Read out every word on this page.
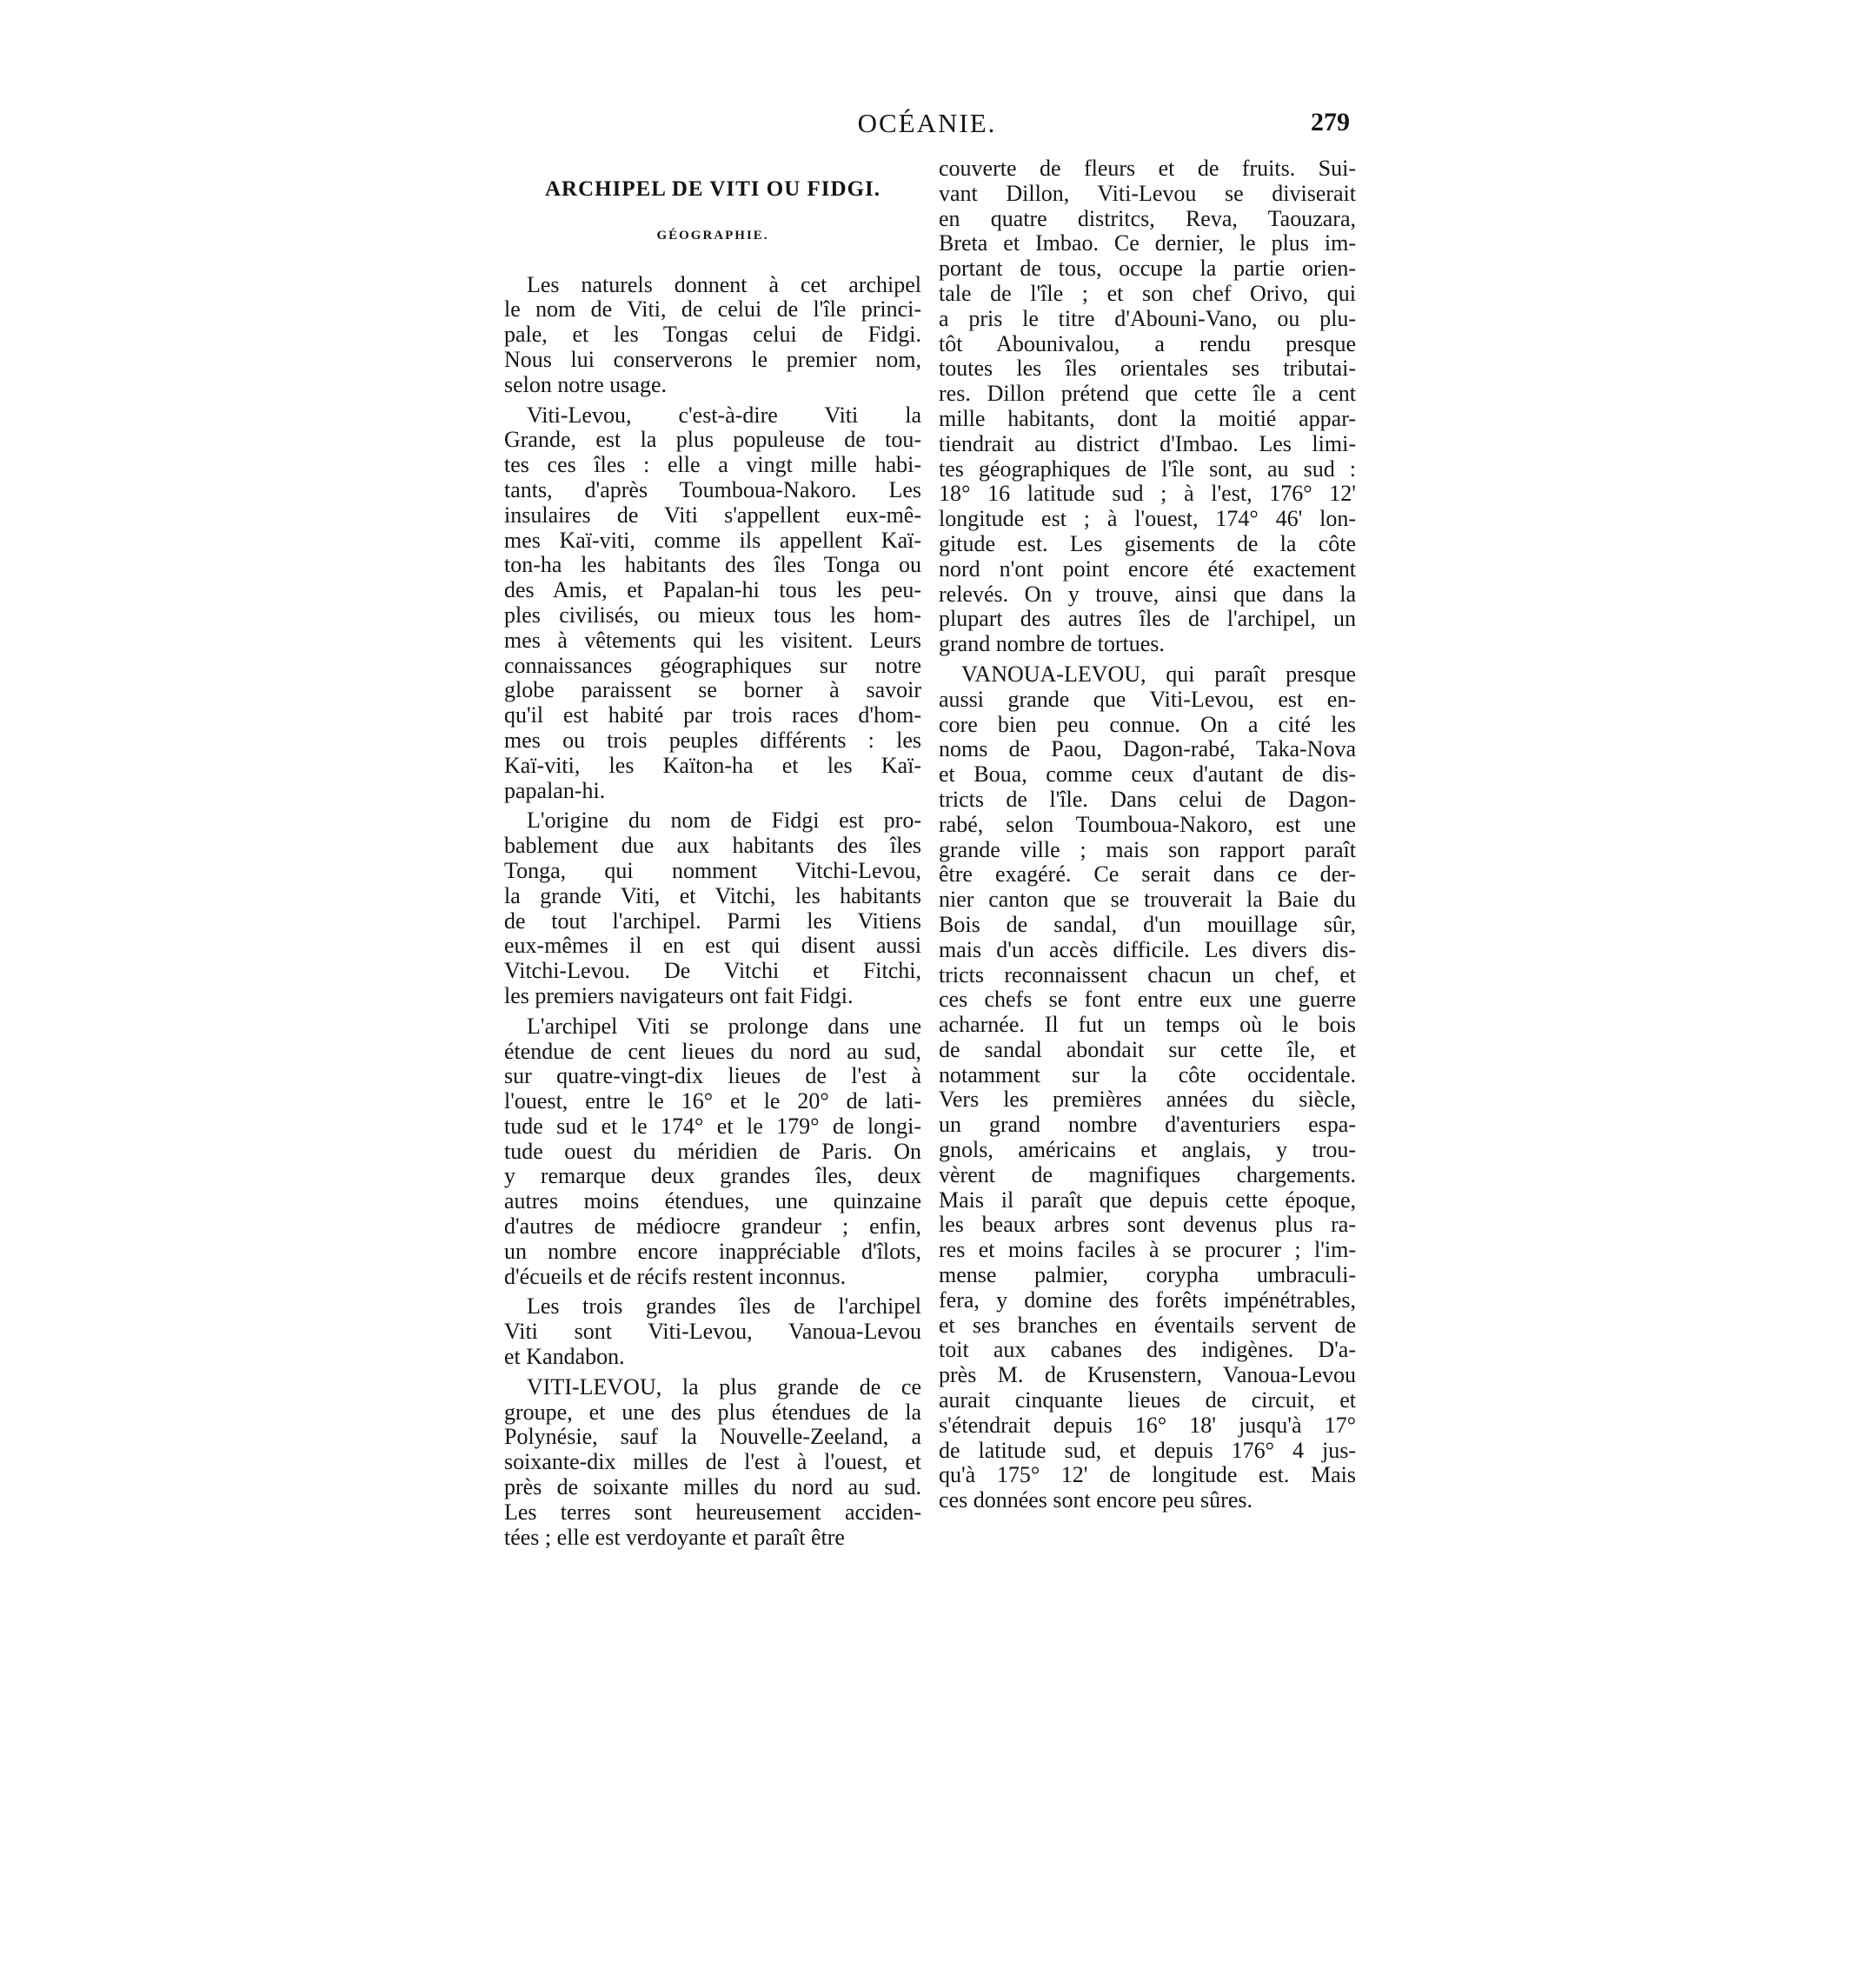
OCÉANIE.	279
ARCHIPEL DE VITI OU FIDGI.
GÉOGRAPHIE.
Les naturels donnent à cet archipel
le nom de Viti, de celui de l'île princi-
pale, et les Tongas celui de Fidgi.
Nous lui conserverons le premier nom,
selon notre usage.
Viti-Levou, c'est-à-dire Viti la
Grande, est la plus populeuse de tou-
tes ces îles : elle a vingt mille habi-
tants, d'après Toumboua-Nakoro. Les
insulaires de Viti s'appellent eux-mê-
mes Kaï-viti, comme ils appellent Kaï-
ton-ha les habitants des îles Tonga ou
des Amis, et Papalan-hi tous les peu-
ples civilisés, ou mieux tous les hom-
mes à vêtements qui les visitent. Leurs
connaissances géographiques sur notre
globe paraissent se borner à savoir
qu'il est habité par trois races d'hom-
mes ou trois peuples différents : les
Kaï-viti, les Kaïton-ha et les Kaï-
papalan-hi.
L'origine du nom de Fidgi est pro-
bablement due aux habitants des îles
Tonga, qui nomment Vitchi-Levou,
la grande Viti, et Vitchi, les habitants
de tout l'archipel. Parmi les Vitiens
eux-mêmes il en est qui disent aussi
Vitchi-Levou. De Vitchi et Fitchi,
les premiers navigateurs ont fait Fidgi.
L'archipel Viti se prolonge dans une
étendue de cent lieues du nord au sud,
sur quatre-vingt-dix lieues de l'est à
l'ouest, entre le 16° et le 20° de lati-
tude sud et le 174° et le 179° de longi-
tude ouest du méridien de Paris. On
y remarque deux grandes îles, deux
autres moins étendues, une quinzaine
d'autres de médiocre grandeur ; enfin,
un nombre encore inappréciable d'îlots,
d'écueils et de récifs restent inconnus.
Les trois grandes îles de l'archipel
Viti sont Viti-Levou, Vanoua-Levou
et Kandabon.
VITI-LEVOU, la plus grande de ce
groupe, et une des plus étendues de la
Polynésie, sauf la Nouvelle-Zeeland, a
soixante-dix milles de l'est à l'ouest, et
près de soixante milles du nord au sud.
Les terres sont heureusement acciden-
tées ; elle est verdoyante et paraît être
couverte de fleurs et de fruits. Sui-
vant Dillon, Viti-Levou se diviserait
en quatre distritcs, Reva, Taouzara,
Breta et Imbao. Ce dernier, le plus im-
portant de tous, occupe la partie orien-
tale de l'île ; et son chef Orivo, qui
a pris le titre d'Abouni-Vano, ou plu-
tôt Abounivalou, a rendu presque
toutes les îles orientales ses tributai-
res. Dillon prétend que cette île a cent
mille habitants, dont la moitié appar-
tiendrait au district d'Imbao. Les limi-
tes géographiques de l'île sont, au sud :
18° 16 latitude sud ; à l'est, 176° 12'
longitude est ; à l'ouest, 174° 46' lon-
gitude est. Les gisements de la côte
nord n'ont point encore été exactement
relevés. On y trouve, ainsi que dans la
plupart des autres îles de l'archipel, un
grand nombre de tortues.
VANOUA-LEVOU, qui paraît presque
aussi grande que Viti-Levou, est en-
core bien peu connue. On a cité les
noms de Paou, Dagon-rabé, Taka-Nova
et Boua, comme ceux d'autant de dis-
tricts de l'île. Dans celui de Dagon-
rabé, selon Toumboua-Nakoro, est une
grande ville ; mais son rapport paraît
être exagéré. Ce serait dans ce der-
nier canton que se trouverait la Baie du
Bois de sandal, d'un mouillage sûr,
mais d'un accès difficile. Les divers dis-
tricts reconnaissent chacun un chef, et
ces chefs se font entre eux une guerre
acharnée. Il fut un temps où le bois
de sandal abondait sur cette île, et
notamment sur la côte occidentale.
Vers les premières années du siècle,
un grand nombre d'aventuriers espa-
gnols, américains et anglais, y trou-
vèrent de magnifiques chargements.
Mais il paraît que depuis cette époque,
les beaux arbres sont devenus plus ra-
res et moins faciles à se procurer ; l'im-
mense palmier, corypha umbraculi-
fera, y domine des forêts impénétrables,
et ses branches en éventails servent de
toit aux cabanes des indigènes. D'a-
près M. de Krusenstern, Vanoua-Levou
aurait cinquante lieues de circuit, et
s'étendrait depuis 16° 18' jusqu'à 17°
de latitude sud, et depuis 176° 4 jus-
qu'à 175° 12' de longitude est. Mais
ces données sont encore peu sûres.
